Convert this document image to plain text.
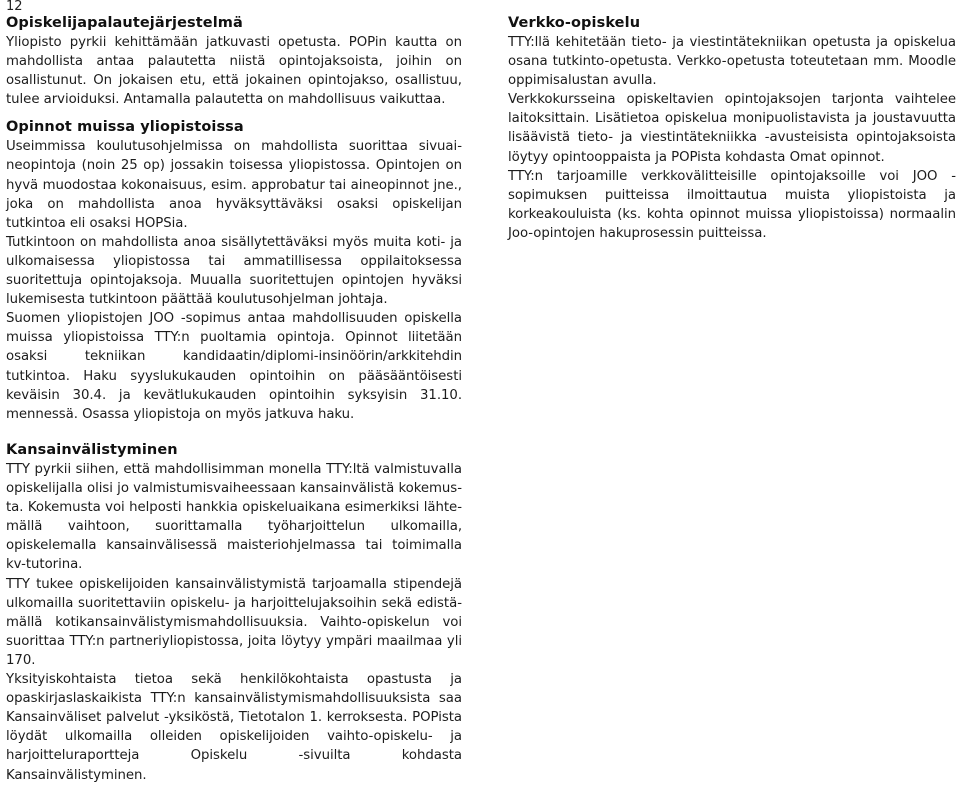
12
Opiskelijapalautejärjestelmä

Yliopisto pyrkii kehittämään jatkuvasti opetusta. POPin kautta on mahdollista antaa palautetta niistä opintojaksoista, joihin on osallistunut. On jokaisen etu, että jokainen opintojakso, osallistuu, tulee arvioiduksi. Antamalla palautetta on mahdollisuus vaikuttaa.

Opinnot muissa yliopistoissa

Useimmissa koulutusohjelmissa on mahdollista suorittaa sivuaineopintoja (noin 25 op) jossakin toisessa yliopistossa. Opintojen on hyvä muodostaa kokonaisuus, esim. approbatur tai aineopinnot jne., joka on mahdollista anoa hyväksyttäväksi osaksi opiskelijan tutkintoa eli osaksi HOPSia.

Tutkintoon on mahdollista anoa sisällytettäväksi myös muita koti- ja ulkomaisessa yliopistossa tai ammatillisessa oppilaitoksessa suoritettuja opintojaksoja. Muualla suoritettujen opintojen hyväksi lukemisesta tutkintoon päättää koulutusohjelman johtaja.

Suomen yliopistojen JOO -sopimus antaa mahdollisuuden opiskella muissa yliopistoissa TTY:n puoltamia opintoja. Opinnot liitetään osaksi tekniikan kandidaatin/diplomi-insinöörin/arkkitehdin tutkintoa. Haku syyslukukauden opintoihin on pääsääntöisesti keväisin 30.4. ja kevätlukukauden opintoihin syksyisin 31.10. mennessä. Osassa yliopistoja on myös jatkuva haku.

Kansainvälistyminen

TTY pyrkii siihen, että mahdollisimman monella TTY:ltä valmistuvalla opiskelijalla olisi jo valmistumisvaiheessaan kansainvälistä kokemusta. Kokemusta voi helposti hankkia opiskeluaikana esimerkiksi lähtemällä vaihtoon, suorittamalla työharjoittelun ulkomailla, opiskelemalla kansainvälisessä maisteriohjelmassa tai toimimalla kv-tutorina.

TTY tukee opiskelijoiden kansainvälistymistä tarjoamalla stipendejä ulkomailla suoritettaviin opiskelu- ja harjoittelujaksoihin sekä edistämällä kotikansainvälistymismahdollisuuksia. Vaihto-opiskelun voi suorittaa TTY:n partneriyliopistossa, joita löytyy ympäri maailmaa yli 170.

Yksityiskohtaista tietoa sekä henkilökohtaista opastusta ja opaskirjaslaskaikista TTY:n kansainvälistymismahdollisuuksista saa Kansainväliset palvelut -yksiköstä, Tietotalon 1. kerroksesta. POPista löydät ulkomailla olleiden opiskelijoiden vaihto-opiskelu- ja harjoitteluraportteja Opiskelu -sivuilta kohdasta Kansainvälistyminen.

Verkko-opiskelu

TTY:llä kehitetään tieto- ja viestintätekniikan opetusta ja opiskelua osana tutkinto-opetusta. Verkko-opetusta toteutetaan mm. Moodle oppimisalustan avulla.

Verkkokursseina opiskeltavien opintojaksojen tarjonta vaihtelee laitoksittain. Lisätietoa opiskelua monipuolistavista ja joustavuutta lisäävistä tieto- ja viestintätekniikka -avusteisista opintojaksoista löytyy opintooppaista ja POPista kohdasta Omat opinnot.

TTY:n tarjoamille verkkovälitteisille opintojaksoille voi JOO -sopimuksen puitteissa ilmoittautua muista yliopistoista ja korkeakouluista (ks. kohta opinnot muissa yliopistoissa) normaalin Joo-opintojen hakuprosessin puitteissa.
